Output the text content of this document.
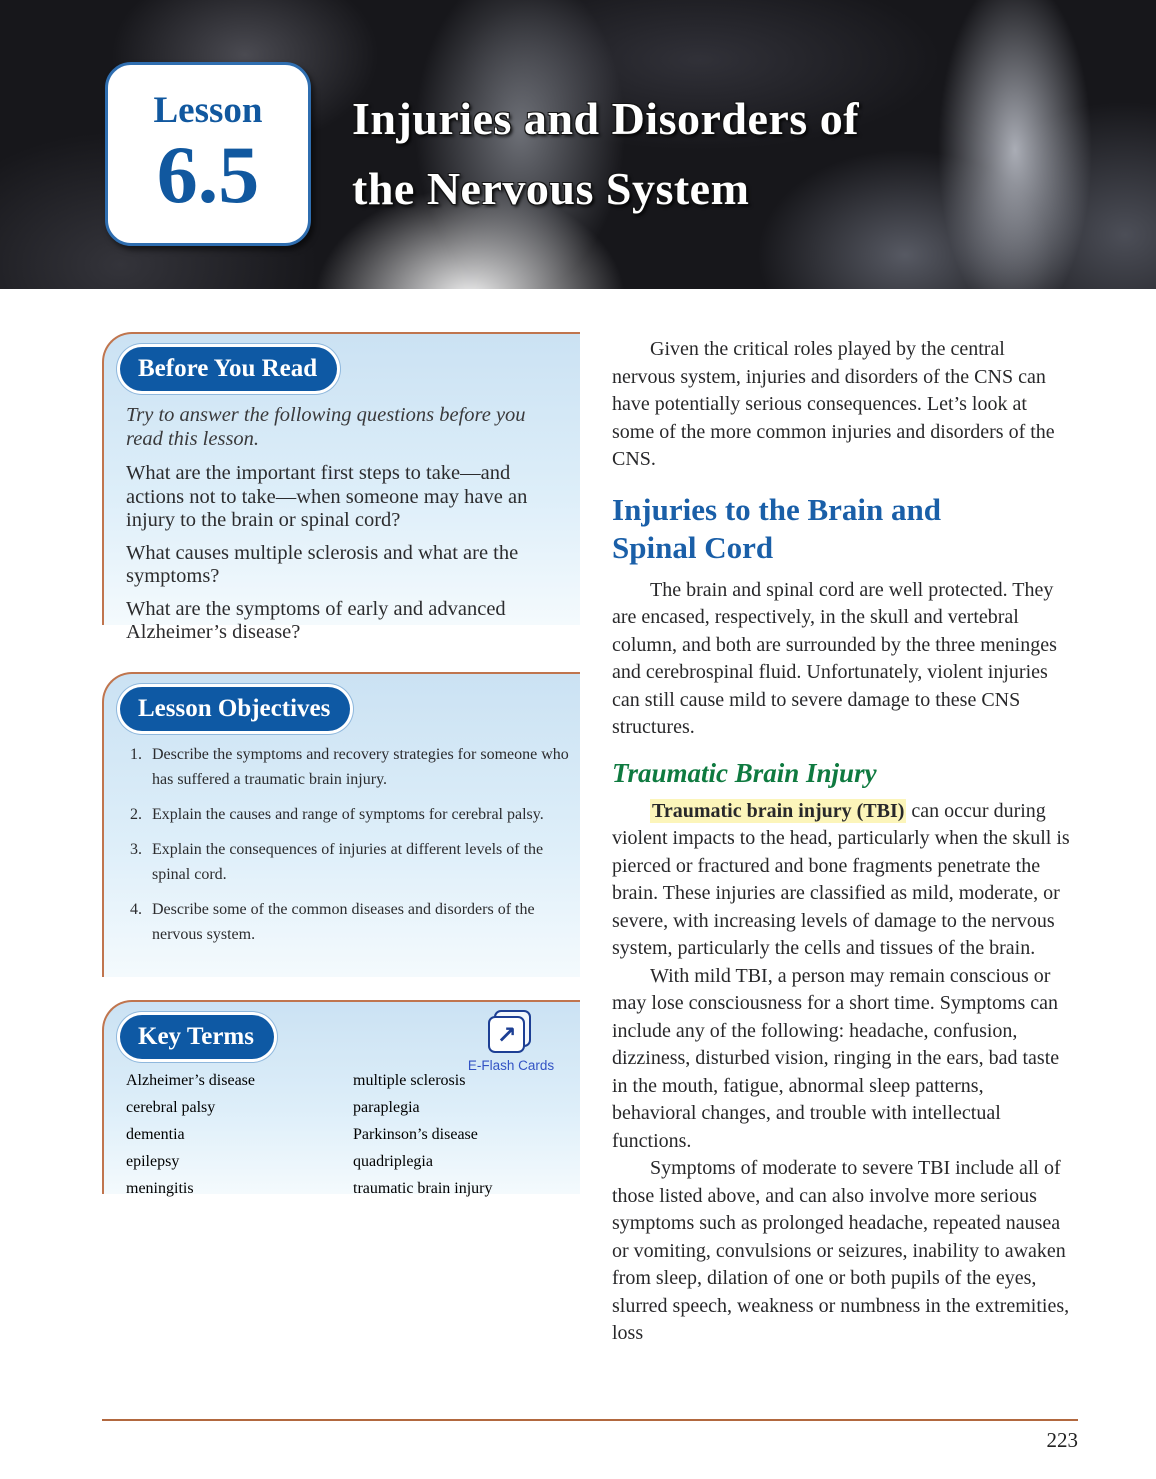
Lesson
6.5
Injuries and Disorders of
the Nervous System
Before You Read
Try to answer the following questions before you read this lesson.
What are the important first steps to take—and actions not to take—when someone may have an injury to the brain or spinal cord?
What causes multiple sclerosis and what are the symptoms?
What are the symptoms of early and advanced Alzheimer’s disease?
Lesson Objectives
1. Describe the symptoms and recovery strategies for someone who has suffered a traumatic brain injury.
2. Explain the causes and range of symptoms for cerebral palsy.
3. Explain the consequences of injuries at different levels of the spinal cord.
4. Describe some of the common diseases and disorders of the nervous system.
Key Terms	↗
E-Flash Cards
Alzheimer’s disease
cerebral palsy
dementia
epilepsy
meningitis
multiple sclerosis
paraplegia
Parkinson’s disease
quadriplegia
traumatic brain injury

Given the critical roles played by the central nervous system, injuries and disorders of the CNS can have potentially serious consequences. Let’s look at some of the more common injuries and disorders of the CNS.

Injuries to the Brain and
Spinal Cord

The brain and spinal cord are well protected. They are encased, respectively, in the skull and vertebral column, and both are surrounded by the three meninges and cerebrospinal fluid. Unfortunately, violent injuries can still cause mild to severe damage to these CNS structures.

Traumatic Brain Injury

Traumatic brain injury (TBI) can occur during violent impacts to the head, particularly when the skull is pierced or fractured and bone fragments penetrate the brain. These injuries are classified as mild, moderate, or severe, with increasing levels of damage to the nervous system, particularly the cells and tissues of the brain.

With mild TBI, a person may remain conscious or may lose consciousness for a short time. Symptoms can include any of the following: headache, confusion, dizziness, disturbed vision, ringing in the ears, bad taste in the mouth, fatigue, abnormal sleep patterns, behavioral changes, and trouble with intellectual functions.

Symptoms of moderate to severe TBI include all of those listed above, and can also involve more serious symptoms such as prolonged headache, repeated nausea or vomiting, convulsions or seizures, inability to awaken from sleep, dilation of one or both pupils of the eyes, slurred speech, weakness or numbness in the extremities, loss

223
